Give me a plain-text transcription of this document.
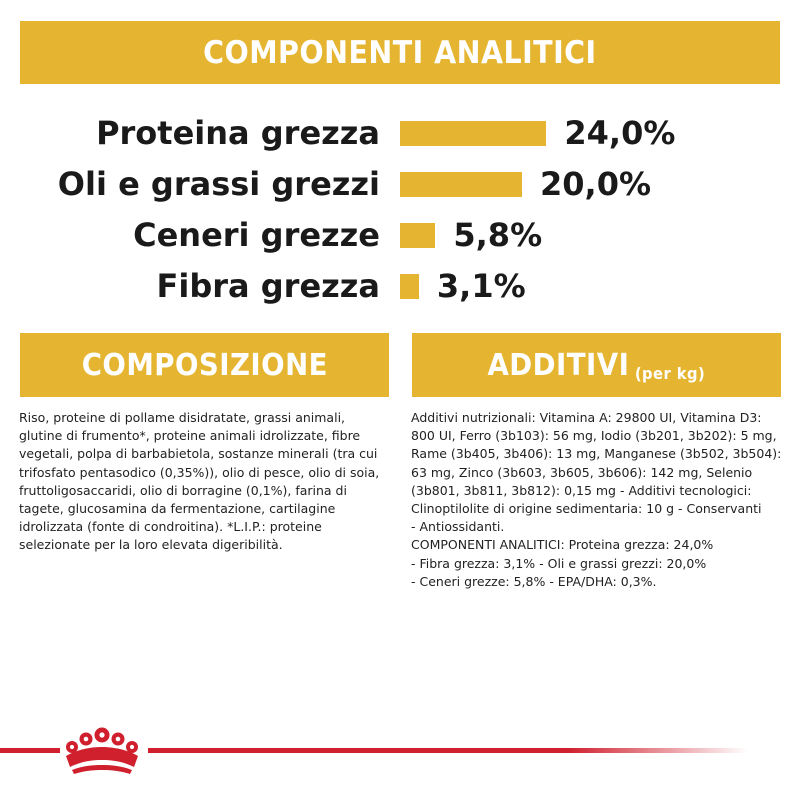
COMPONENTI ANALITICI
Proteina grezza	24,0%
Oli e grassi grezzi	20,0%
Ceneri grezze 5,8%
Fibra grezza 3,1%
COMPOSIZIONE	ADDITIVI (per kg)
Riso, proteine di pollame disidratate, grassi animali, glutine di frumento*, proteine animali idrolizzate, fibre vegetali, polpa di barbabietola, sostanze minerali (tra cui trifosfato pentasodico (0,35%)), olio di pesce, olio di soia, fruttoligosaccaridi, olio di borragine (0,1%), farina di tagete, glucosamina da fermentazione, cartilagine idrolizzata (fonte di condroitina). *L.I.P.: proteine selezionate per la loro elevata digeribilità.
Additivi nutrizionali: Vitamina A: 29800 UI, Vitamina D3: 800 UI, Ferro (3b103): 56 mg, Iodio (3b201, 3b202): 5 mg, Rame (3b405, 3b406): 13 mg, Manganese (3b502, 3b504): 63 mg, Zinco (3b603, 3b605, 3b606): 142 mg, Selenio (3b801, 3b811, 3b812): 0,15 mg - Additivi tecnologici: Clinoptilolite di origine sedimentaria: 10 g - Conservanti
- Antiossidanti.
COMPONENTI ANALITICI: Proteina grezza: 24,0%
- Fibra grezza: 3,1% - Oli e grassi grezzi: 20,0%
- Ceneri grezze: 5,8% - EPA/DHA: 0,3%.
